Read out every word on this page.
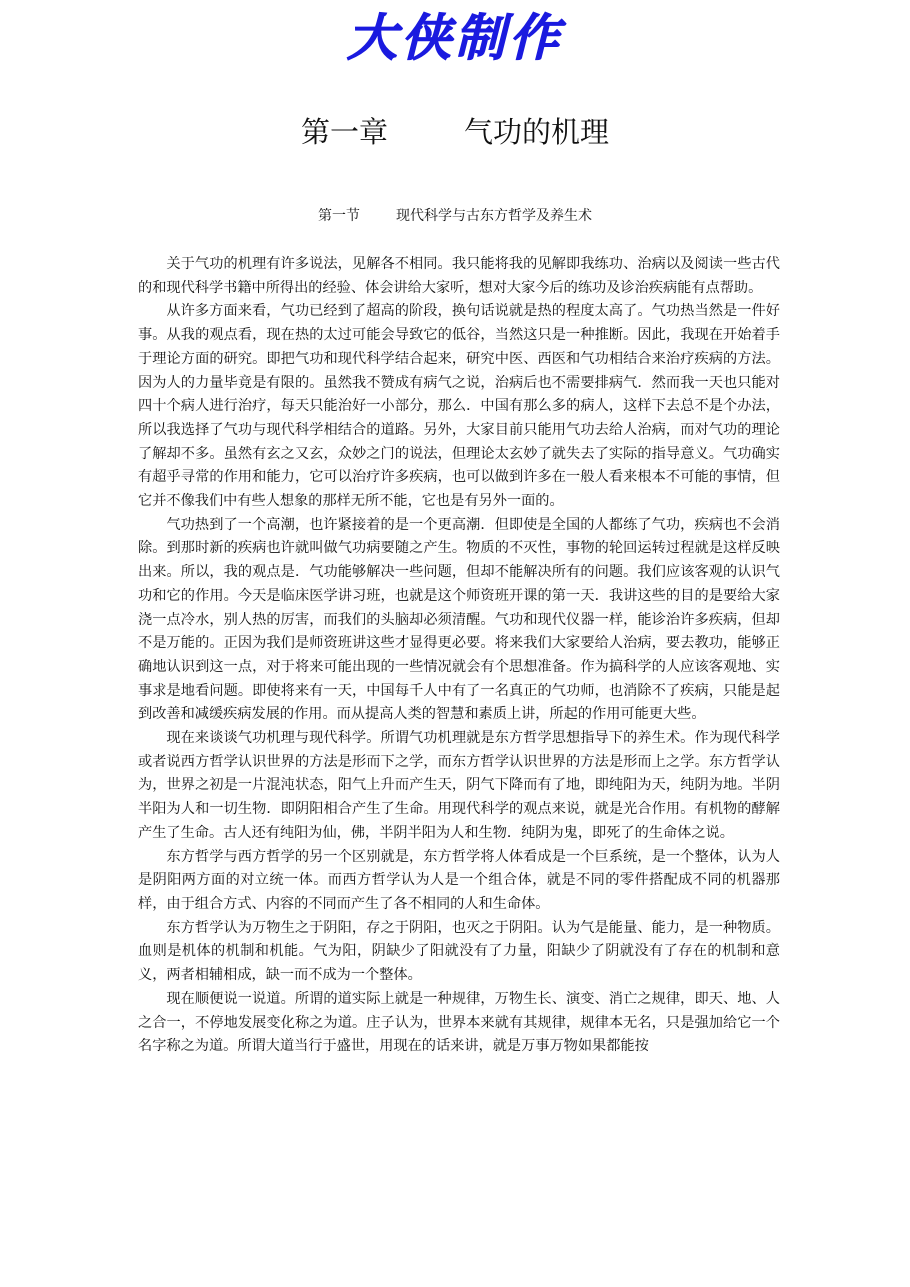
大侠制作
第一章	气功的机理
第一节	现代科学与古东方哲学及养生术

关于气功的机理有许多说法，见解各不相同。我只能将我的见解即我练功、治病以及阅读一些古代的和现代科学书籍中所得出的经验、体会讲给大家听，想对大家今后的练功及诊治疾病能有点帮助。

从许多方面来看，气功已经到了超高的阶段，换句话说就是热的程度太高了。气功热当然是一件好事。从我的观点看，现在热的太过可能会导致它的低谷，当然这只是一种推断。因此，我现在开始着手于理论方面的研究。即把气功和现代科学结合起来，研究中医、西医和气功相结合来治疗疾病的方法。因为人的力量毕竟是有限的。虽然我不赞成有病气之说，治病后也不需要排病气．然而我一天也只能对四十个病人进行治疗，每天只能治好一小部分，那么．中国有那么多的病人，这样下去总不是个办法，所以我选择了气功与现代科学相结合的道路。另外，大家目前只能用气功去给人治病，而对气功的理论了解却不多。虽然有玄之又玄，众妙之门的说法，但理论太玄妙了就失去了实际的指导意义。气功确实有超乎寻常的作用和能力，它可以治疗许多疾病，也可以做到许多在一般人看来根本不可能的事情，但它并不像我们中有些人想象的那样无所不能，它也是有另外一面的。

气功热到了一个高潮，也许紧接着的是一个更高潮．但即使是全国的人都练了气功，疾病也不会消除。到那时新的疾病也许就叫做气功病要随之产生。物质的不灭性，事物的轮回运转过程就是这样反映出来。所以，我的观点是．气功能够解决一些问题，但却不能解决所有的问题。我们应该客观的认识气功和它的作用。今天是临床医学讲习班，也就是这个师资班开课的第一天．我讲这些的目的是要给大家浇一点冷水，别人热的厉害，而我们的头脑却必须清醒。气功和现代仪器一样，能诊治许多疾病，但却不是万能的。正因为我们是师资班讲这些才显得更必要。将来我们大家要给人治病，要去教功，能够正确地认识到这一点，对于将来可能出现的一些情况就会有个思想准备。作为搞科学的人应该客观地、实事求是地看问题。即使将来有一天，中国每千人中有了一名真正的气功师，也消除不了疾病，只能是起到改善和减缓疾病发展的作用。而从提高人类的智慧和素质上讲，所起的作用可能更大些。

现在来谈谈气功机理与现代科学。所谓气功机理就是东方哲学思想指导下的养生术。作为现代科学或者说西方哲学认识世界的方法是形而下之学，而东方哲学认识世界的方法是形而上之学。东方哲学认为，世界之初是一片混沌状态，阳气上升而产生天，阴气下降而有了地，即纯阳为天，纯阴为地。半阴半阳为人和一切生物．即阴阳相合产生了生命。用现代科学的观点来说，就是光合作用。有机物的酵解产生了生命。古人还有纯阳为仙，佛，半阴半阳为人和生物．纯阴为鬼，即死了的生命体之说。

东方哲学与西方哲学的另一个区别就是，东方哲学将人体看成是一个巨系统，是一个整体，认为人是阴阳两方面的对立统一体。而西方哲学认为人是一个组合体，就是不同的零件搭配成不同的机器那样，由于组合方式、内容的不同而产生了各不相同的人和生命体。

东方哲学认为万物生之于阴阳，存之于阴阳，也灭之于阴阳。认为气是能量、能力，是一种物质。血则是机体的机制和机能。气为阳，阴缺少了阳就没有了力量，阳缺少了阴就没有了存在的机制和意义，两者相辅相成，缺一而不成为一个整体。

现在顺便说一说道。所谓的道实际上就是一种规律，万物生长、演变、消亡之规律，即天、地、人之合一，不停地发展变化称之为道。庄子认为，世界本来就有其规律，规律本无名，只是强加给它一个名字称之为道。所谓大道当行于盛世，用现在的话来讲，就是万事万物如果都能按
